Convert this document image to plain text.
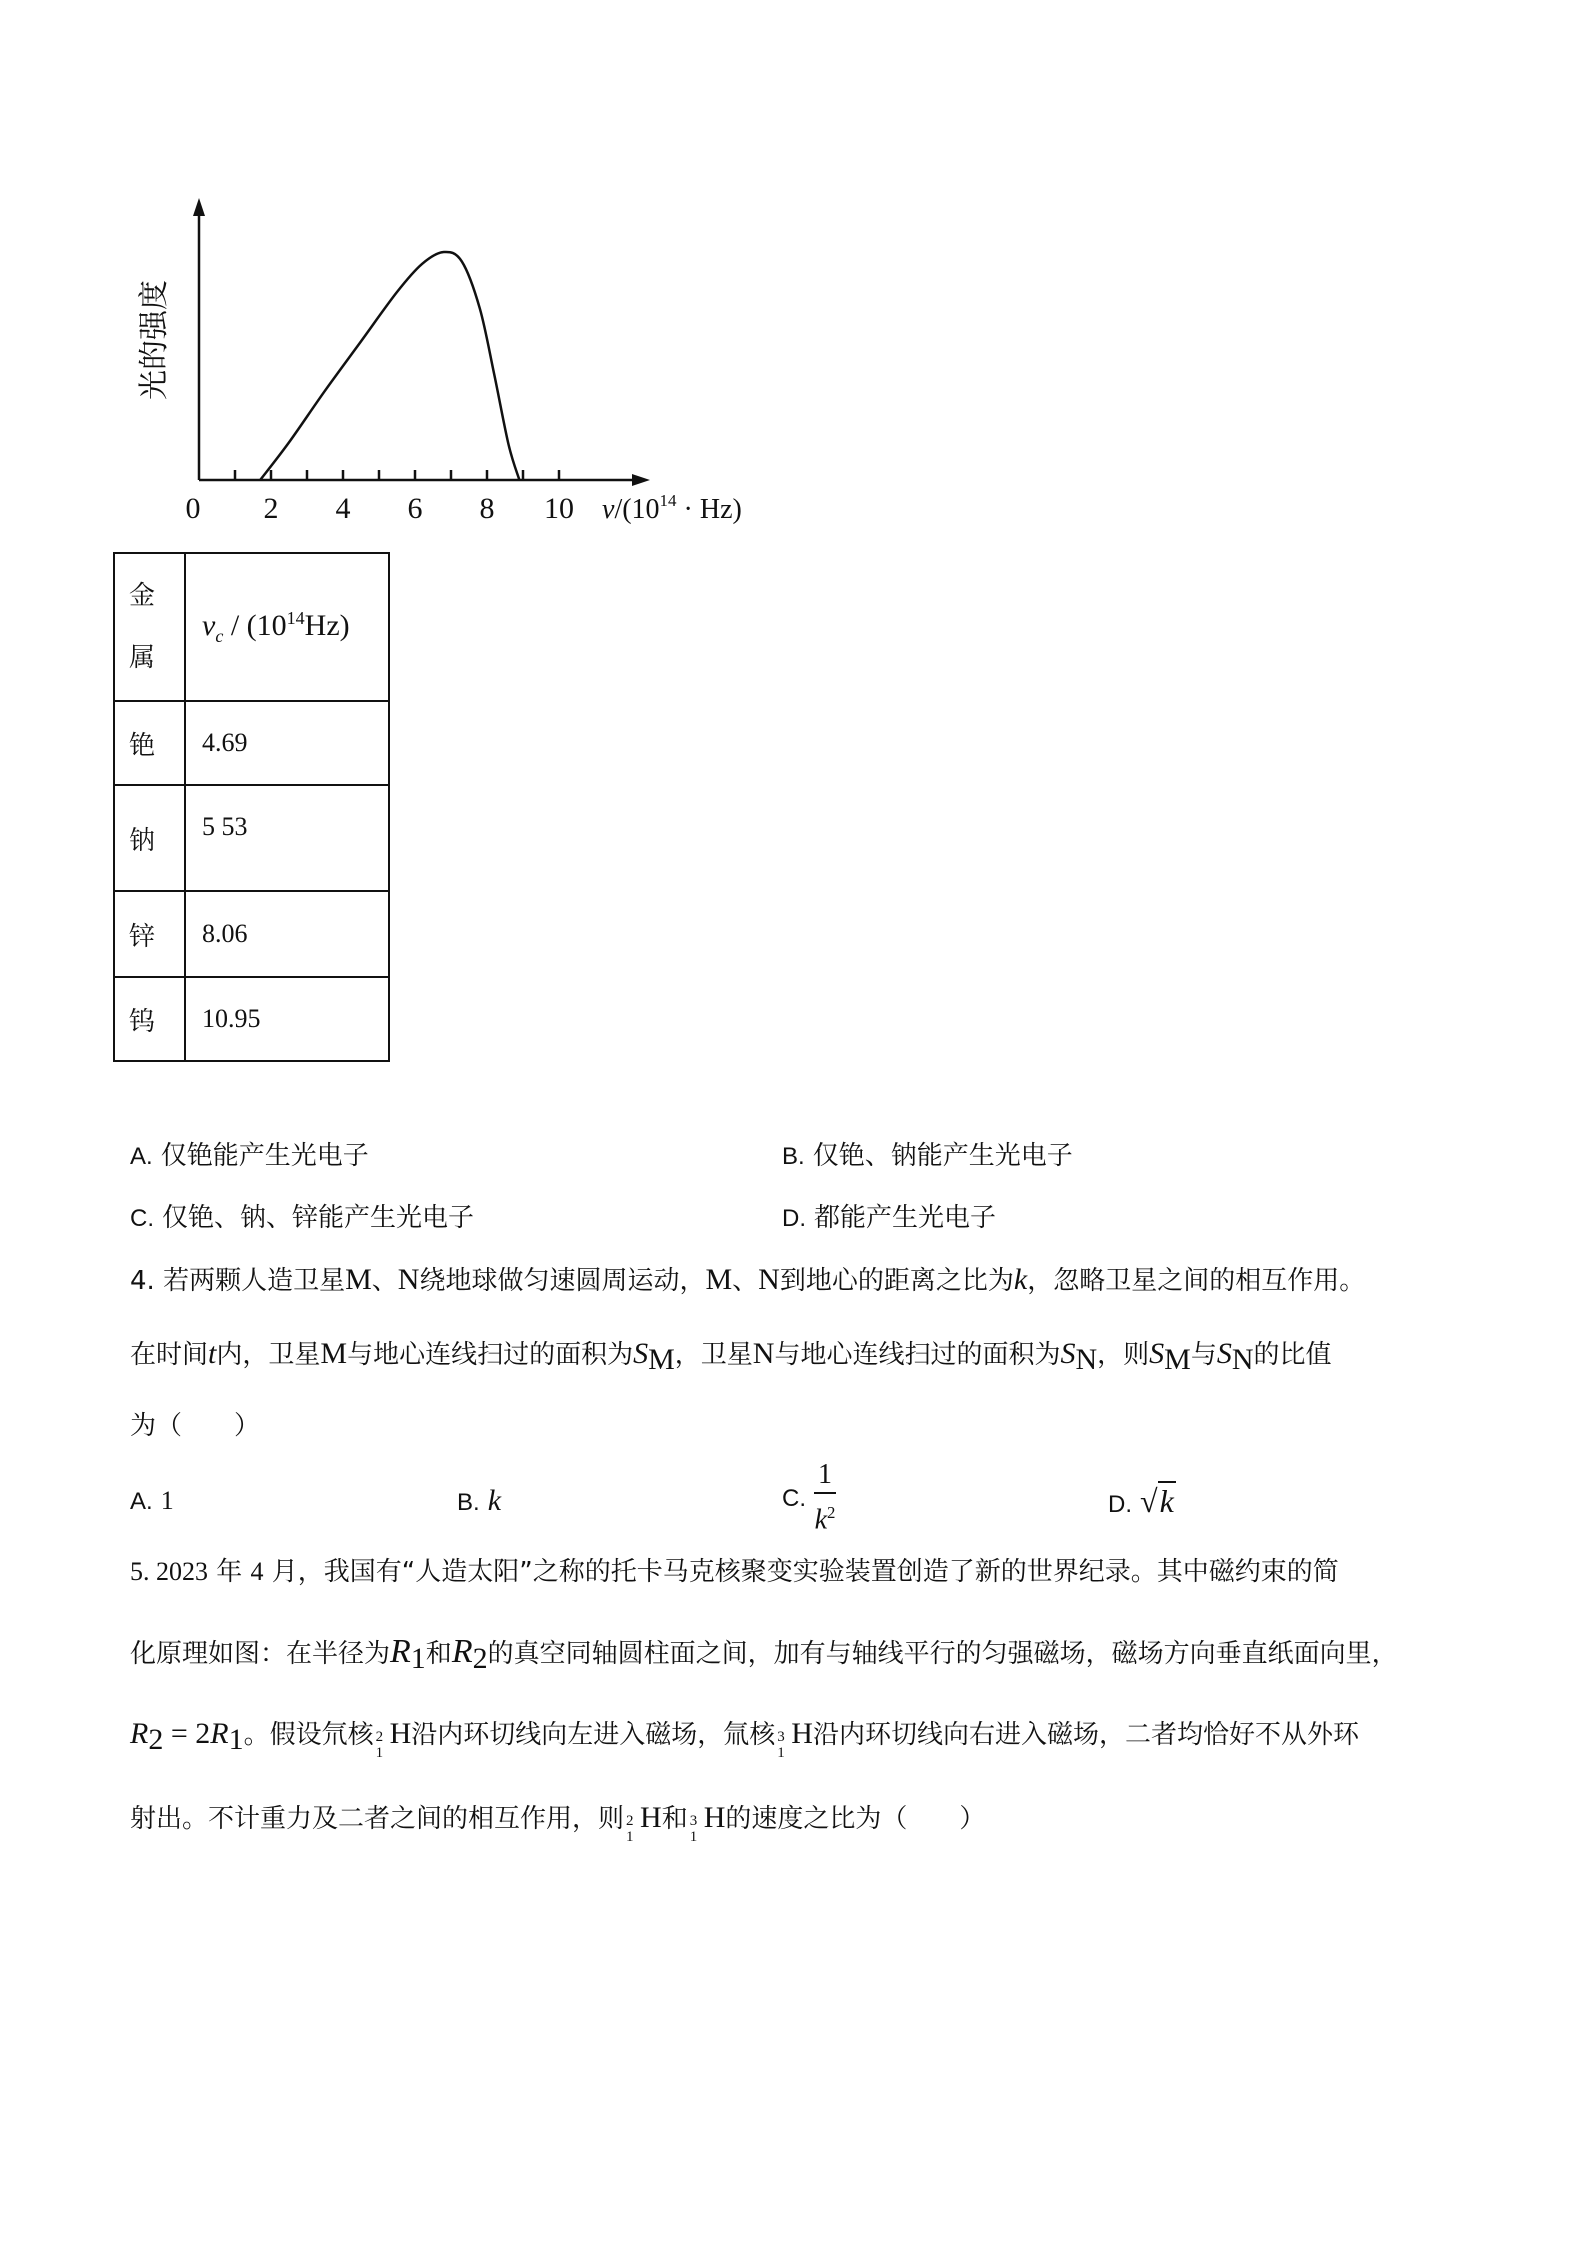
0 2 4 6 8 10
光的强度
$\nu/(10^{14} \cdot Hz)$
金
属	$\nu_c / (10^{14}Hz)$
铯	4.69
钠	5 53
锌	8.06
钨	10.95
A. 仅铯能产生光电子	B. 仅铯、钠能产生光电子
C. 仅铯、钠、锌能产生光电子	D. 都能产生光电子
4. 若两颗人造卫星M、N绕地球做匀速圆周运动，M、N到地心的距离之比为k，忽略卫星之间的相互作用。
在时间t内，卫星M与地心连线扫过的面积为$S_M$，卫星N与地心连线扫过的面积为$S_N$，则$S_M$与$S_N$的比值
为（　　）
A. 1	B. k	C. $\frac{1}{k^2}$	D. √k
5. 2023 年 4 月，我国有“人造太阳”之称的托卡马克核聚变实验装置创造了新的世界纪录。其中磁约束的简
化原理如图：在半径为$R_1$和$R_2$的真空同轴圆柱面之间，加有与轴线平行的匀强磁场，磁场方向垂直纸面向里，
$R_2 = 2R_1$。假设氘核 2
1
H沿内环切线向左进入磁场，氚核 3
1
H沿内环切线向右进入磁场，二者均恰好不从外环
射出。不计重力及二者之间的相互作用，则 2
1
H和 3
1
H的速度之比为（　　）
